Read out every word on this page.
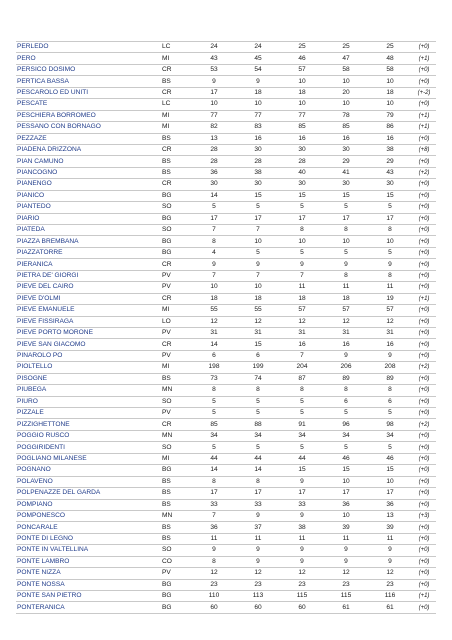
PERLEDO	LC	24	24	25	25	25	(+0)
PERO	MI	43	45	46	47	48	(+1)
PERSICO DOSIMO	CR	53	54	57	58	58	(+0)
PERTICA BASSA	BS	9	9	10	10	10	(+0)
PESCAROLO ED UNITI	CR	17	18	18	20	18	(+-2)
PESCATE	LC	10	10	10	10	10	(+0)
PESCHIERA BORROMEO	MI	77	77	77	78	79	(+1)
PESSANO CON BORNAGO	MI	82	83	85	85	86	(+1)
PEZZAZE	BS	13	16	16	16	16	(+0)
PIADENA DRIZZONA	CR	28	30	30	30	38	(+8)
PIAN CAMUNO	BS	28	28	28	29	29	(+0)
PIANCOGNO	BS	36	38	40	41	43	(+2)
PIANENGO	CR	30	30	30	30	30	(+0)
PIANICO	BG	14	15	15	15	15	(+0)
PIANTEDO	SO	5	5	5	5	5	(+0)
PIARIO	BG	17	17	17	17	17	(+0)
PIATEDA	SO	7	7	8	8	8	(+0)
PIAZZA BREMBANA	BG	8	10	10	10	10	(+0)
PIAZZATORRE	BG	4	5	5	5	5	(+0)
PIERANICA	CR	9	9	9	9	9	(+0)
PIETRA DE' GIORGI	PV	7	7	7	8	8	(+0)
PIEVE DEL CAIRO	PV	10	10	11	11	11	(+0)
PIEVE D'OLMI	CR	18	18	18	18	19	(+1)
PIEVE EMANUELE	MI	55	55	57	57	57	(+0)
PIEVE FISSIRAGA	LO	12	12	12	12	12	(+0)
PIEVE PORTO MORONE	PV	31	31	31	31	31	(+0)
PIEVE SAN GIACOMO	CR	14	15	16	16	16	(+0)
PINAROLO PO	PV	6	6	7	9	9	(+0)
PIOLTELLO	MI	198	199	204	206	208	(+2)
PISOGNE	BS	73	74	87	89	89	(+0)
PIUBEGA	MN	8	8	8	8	8	(+0)
PIURO	SO	5	5	5	6	6	(+0)
PIZZALE	PV	5	5	5	5	5	(+0)
PIZZIGHETTONE	CR	85	88	91	96	98	(+2)
POGGIO RUSCO	MN	34	34	34	34	34	(+0)
POGGIRIDENTI	SO	5	5	5	5	5	(+0)
POGLIANO MILANESE	MI	44	44	44	46	46	(+0)
POGNANO	BG	14	14	15	15	15	(+0)
POLAVENO	BS	8	8	9	10	10	(+0)
POLPENAZZE DEL GARDA	BS	17	17	17	17	17	(+0)
POMPIANO	BS	33	33	33	36	36	(+0)
POMPONESCO	MN	7	9	9	10	13	(+3)
PONCARALE	BS	36	37	38	39	39	(+0)
PONTE DI LEGNO	BS	11	11	11	11	11	(+0)
PONTE IN VALTELLINA	SO	9	9	9	9	9	(+0)
PONTE LAMBRO	CO	8	9	9	9	9	(+0)
PONTE NIZZA	PV	12	12	12	12	12	(+0)
PONTE NOSSA	BG	23	23	23	23	23	(+0)
PONTE SAN PIETRO	BG	110	113	115	115	116	(+1)
PONTERANICA	BG	60	60	60	61	61	(+0)
